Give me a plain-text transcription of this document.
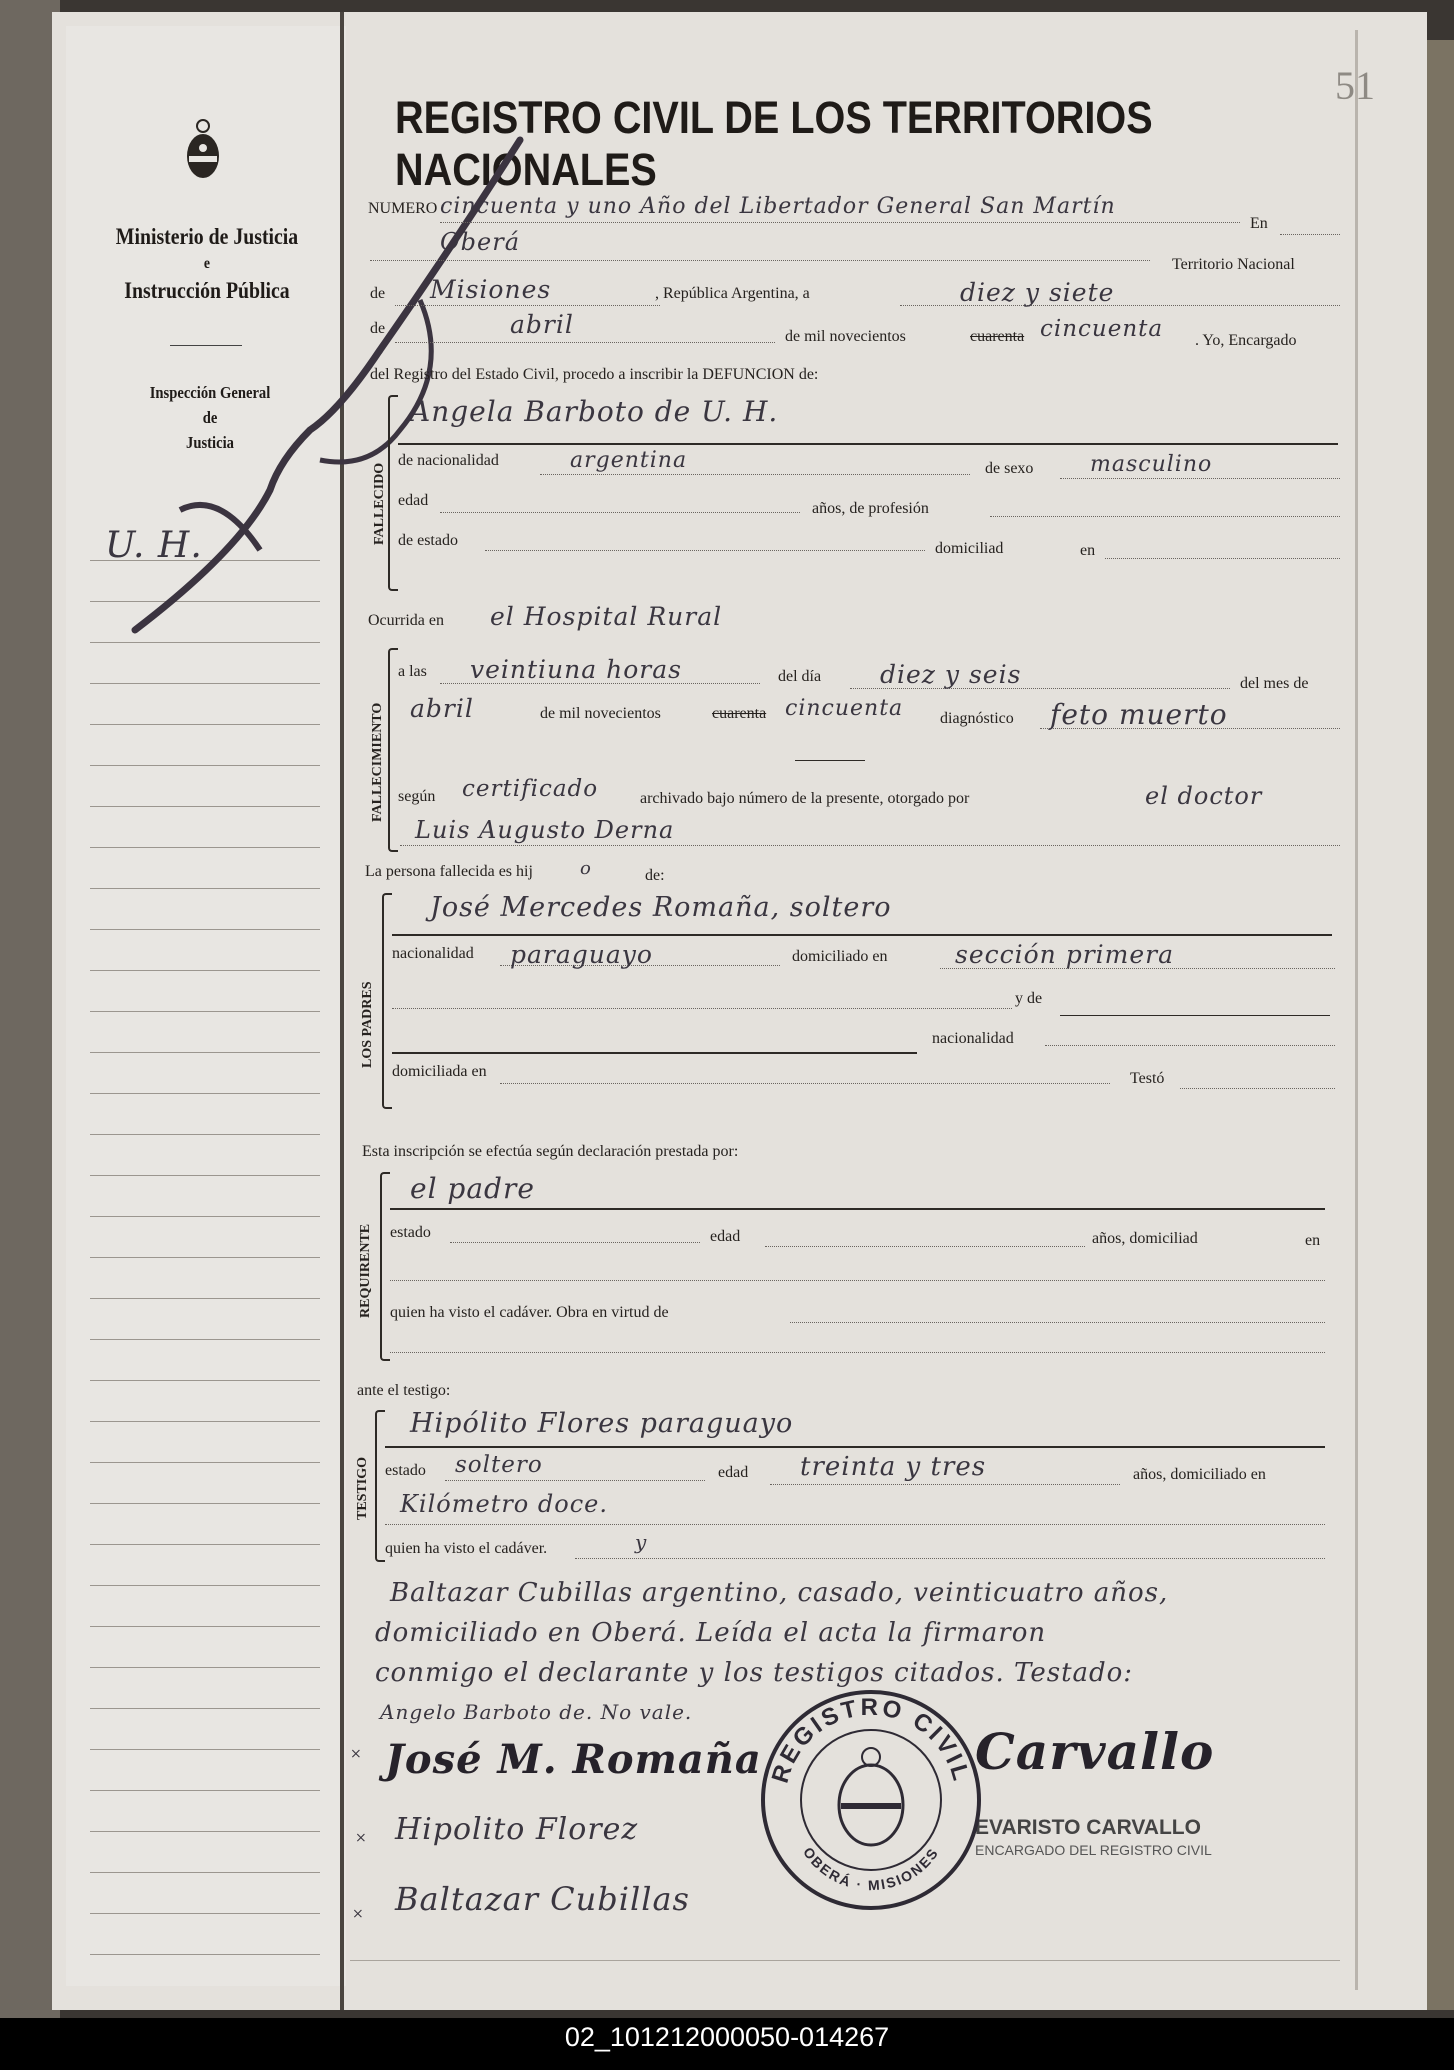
51
REGISTRO CIVIL DE LOS TERRITORIOS NACIONALES
Ministerio de Justicia
e
Instrucción Pública
Inspección General
de
Justicia
U. H.
NUMERO cincuenta y uno Año del Libertador General San Martín
En
Oberá
Territorio Nacional
de Misiones	, República Argentina, a	diez y siete
de	abril	de mil novecientos	cuarenta cincuenta . Yo, Encargado
del Registro del Estado Civil, procedo a inscribir la DEFUNCION de:
FALLECIDO
Angela Barboto de U. H.
de nacionalidad	argentina	de sexo	masculino
edad	años, de profesión
de estado	domiciliad	en
Ocurrida en el Hospital Rural
FALLECIMIENTO
a las veintiuna horas	del día diez y seis	del mes de
abril	de mil novecientos	cuarenta cincuenta diagnóstico feto muerto
según certificado	archivado bajo número de la presente, otorgado por	el doctor
Luis Augusto Derna
La persona fallecida es hij	o	de:
LOS PADRES
José Mercedes Romaña, soltero
nacionalidad paraguayo	domiciliado en	sección primera
y de
nacionalidad
domiciliada en	Testó
Esta inscripción se efectúa según declaración prestada por:
REQUIRENTE
el padre
estado	edad	años, domiciliad	en
quien ha visto el cadáver. Obra en virtud de
ante el testigo:
TESTIGO
Hipólito Flores paraguayo
estado soltero	edad treinta y tres	años, domiciliado en
Kilómetro doce.
quien ha visto el cadáver.	y
Baltazar Cubillas argentino, casado, veinticuatro años,
domiciliado en Oberá. Leída el acta la firmaron
conmigo el declarante y los testigos citados. Testado:
Angelo Barboto de. No vale.
× José M. Romaña
× Hipolito Florez
× Baltazar Cubillas
Carvallo
EVARISTO CARVALLO
ENCARGADO DEL REGISTRO CIVIL
REGISTRO CIVIL
OBERÁ · MISIONES
02_101212000050-014267
